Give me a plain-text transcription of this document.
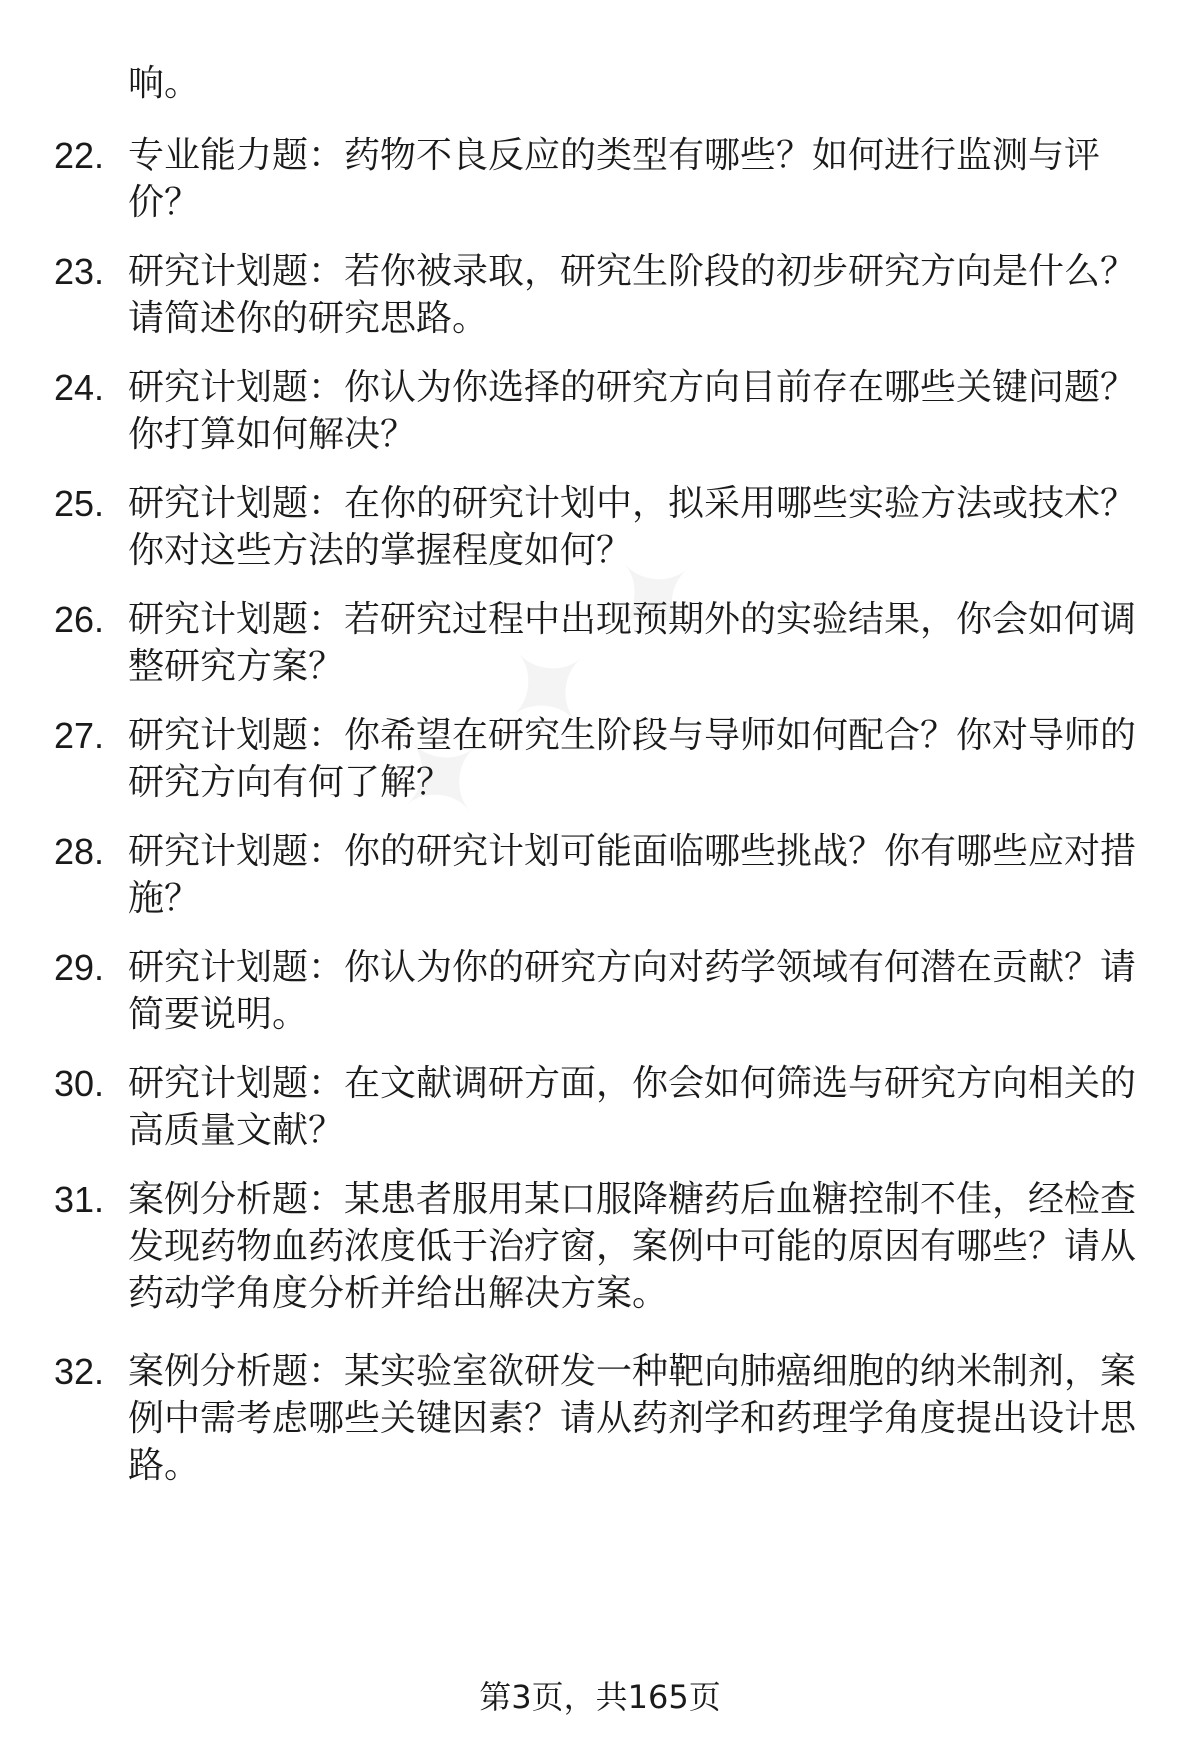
响。
22. 专业能力题：药物不良反应的类型有哪些？如何进行监测与评
价？
23. 研究计划题：若你被录取，研究生阶段的初步研究方向是什么？
请简述你的研究思路。
24. 研究计划题：你认为你选择的研究方向目前存在哪些关键问题？
你打算如何解决？
25. 研究计划题：在你的研究计划中，拟采用哪些实验方法或技术？
你对这些方法的掌握程度如何？
26. 研究计划题：若研究过程中出现预期外的实验结果，你会如何调
整研究方案？
27. 研究计划题：你希望在研究生阶段与导师如何配合？你对导师的
研究方向有何了解？
28. 研究计划题：你的研究计划可能面临哪些挑战？你有哪些应对措
施？
29. 研究计划题：你认为你的研究方向对药学领域有何潜在贡献？请
简要说明。
30. 研究计划题：在文献调研方面，你会如何筛选与研究方向相关的
高质量文献？
31. 案例分析题：某患者服用某口服降糖药后血糖控制不佳，经检查
发现药物血药浓度低于治疗窗，案例中可能的原因有哪些？请从
药动学角度分析并给出解决方案。
32. 案例分析题：某实验室欲研发一种靶向肺癌细胞的纳米制剂，案
例中需考虑哪些关键因素？请从药剂学和药理学角度提出设计思
路。
第3页，共165页
